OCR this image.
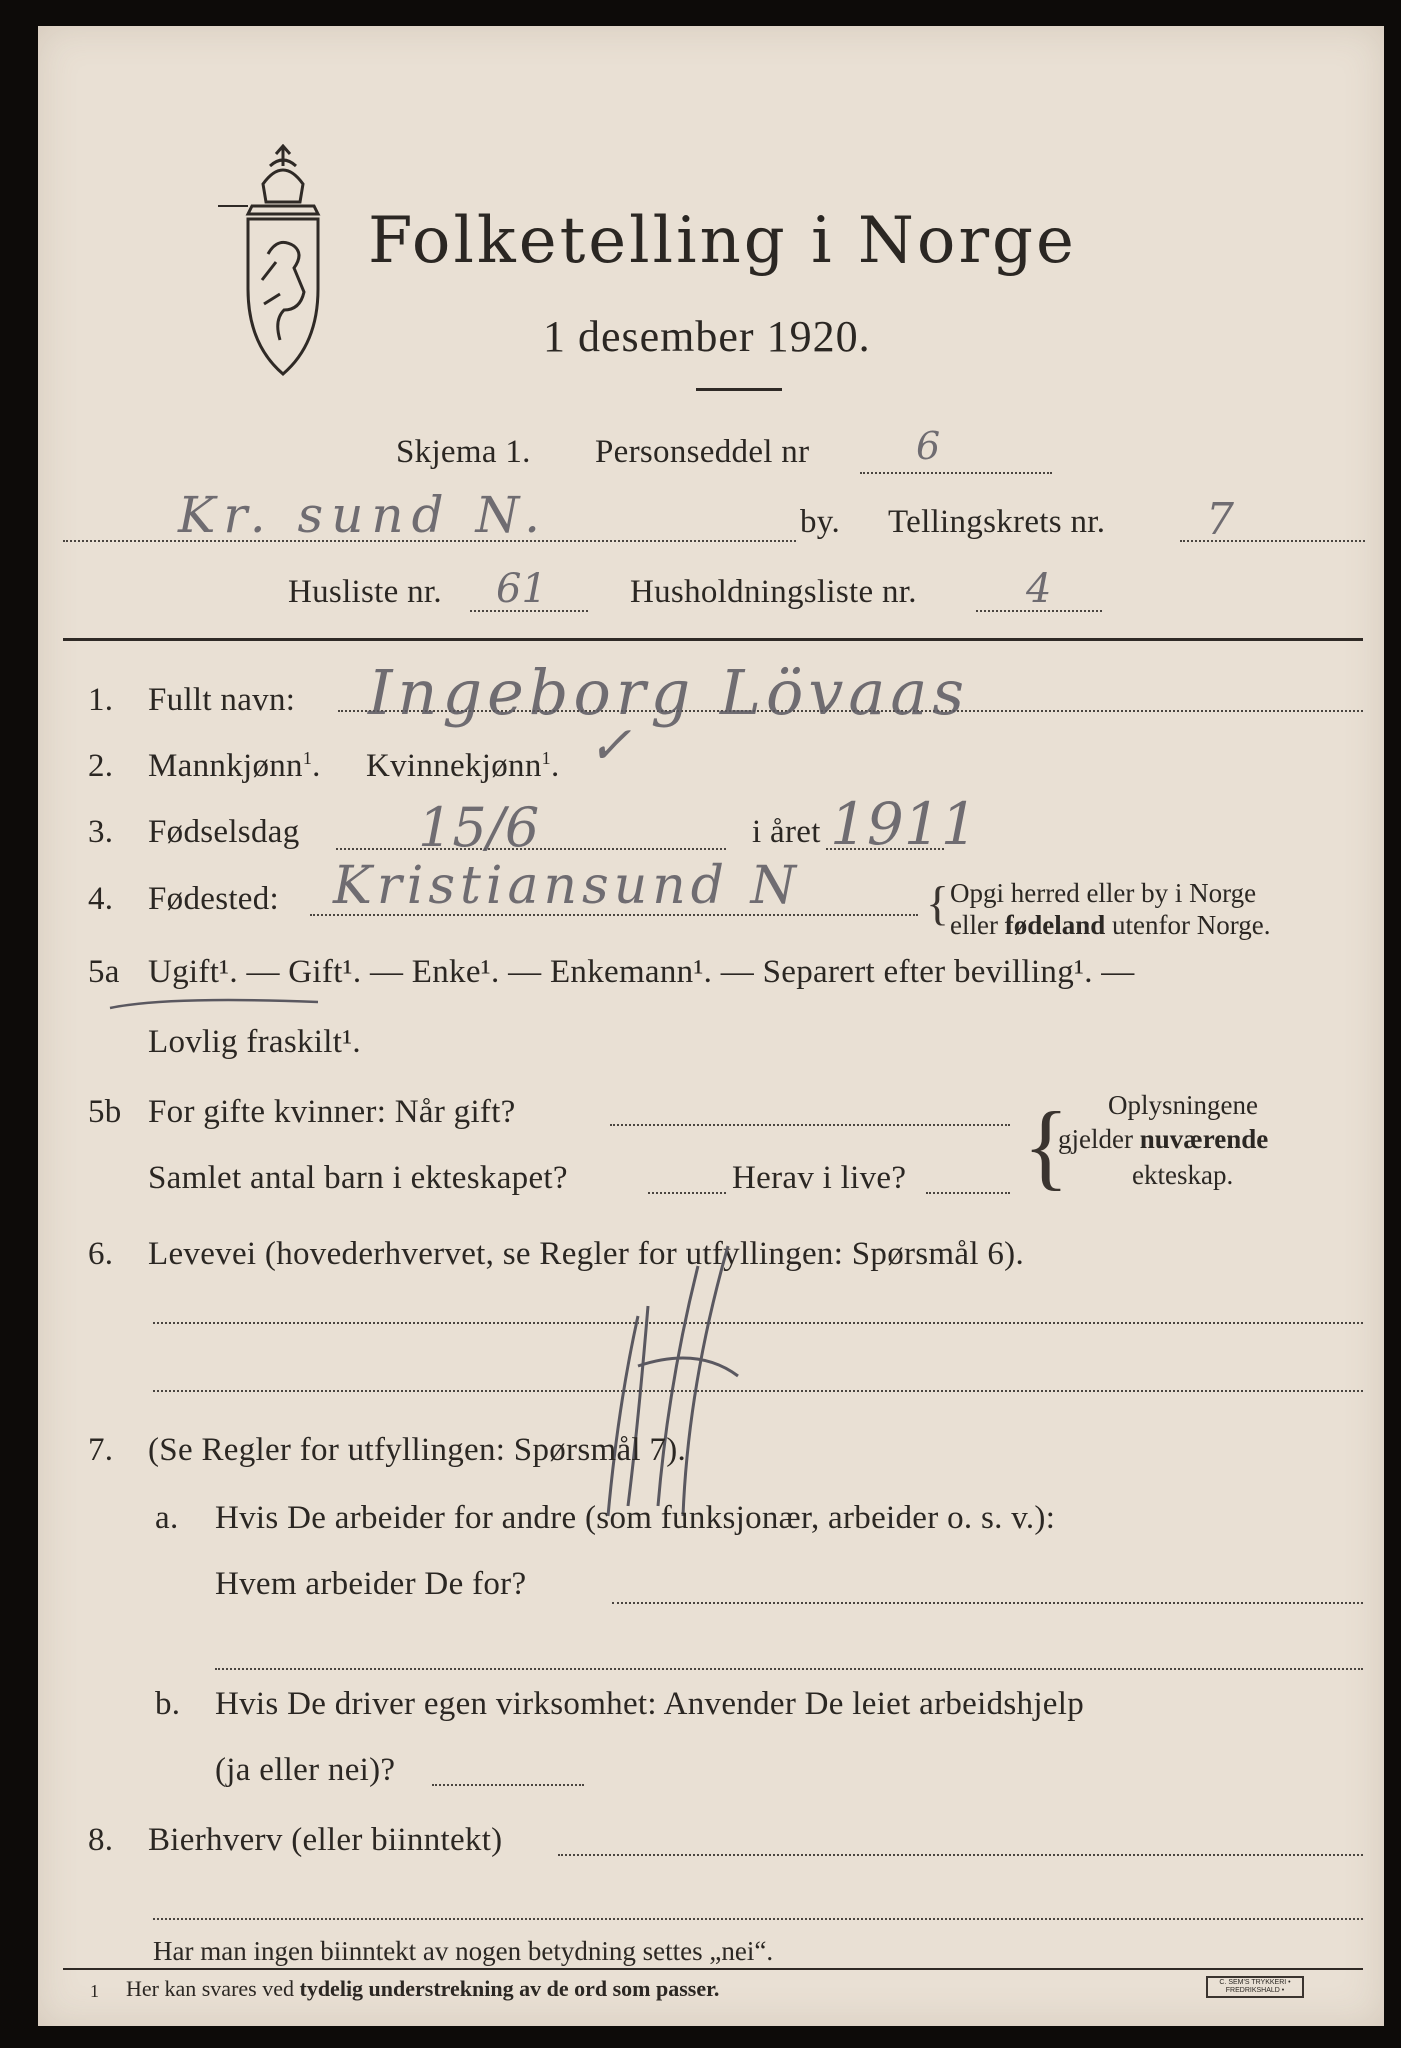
Folketelling i Norge
1 desember 1920.
Skjema 1. Personseddel nr	6
Kr. sund N.	by. Tellingskrets nr. 7
Husliste nr. 61	Husholdningsliste nr.	4
1. Fullt navn: Ingeborg Lövaas
2. Mannkjønn$^1$. Kvinnekjønn$^1$. ✓
3. Fødselsdag 15/6	i året 1911
4. Fødested: Kristiansund N	{ Opgi herred eller by i Norge
eller fødeland utenfor Norge.
5a Ugift¹. — Gift¹. — Enke¹. — Enkemann¹. — Separert efter bevilling¹. —
Lovlig fraskilt¹.
5b For gifte kvinner: Når gift?
Samlet antal barn i ekteskapet?	Herav i live? { Oplysningene
gjelder nuværende
ekteskap.
6. Levevei (hovederhvervet, se Regler for utfyllingen: Spørsmål 6).
7. (Se Regler for utfyllingen: Spørsmål 7).
a. Hvis De arbeider for andre (som funksjonær, arbeider o. s. v.):
Hvem arbeider De for?
b. Hvis De driver egen virksomhet: Anvender De leiet arbeidshjelp
(ja eller nei)?
8. Bierhverv (eller biinntekt)
Har man ingen biinntekt av nogen betydning settes „nei“.
1 Her kan svares ved tydelig understrekning av de ord som passer.	C. SEM'S TRYKKERI • FREDRIKSHALD •
